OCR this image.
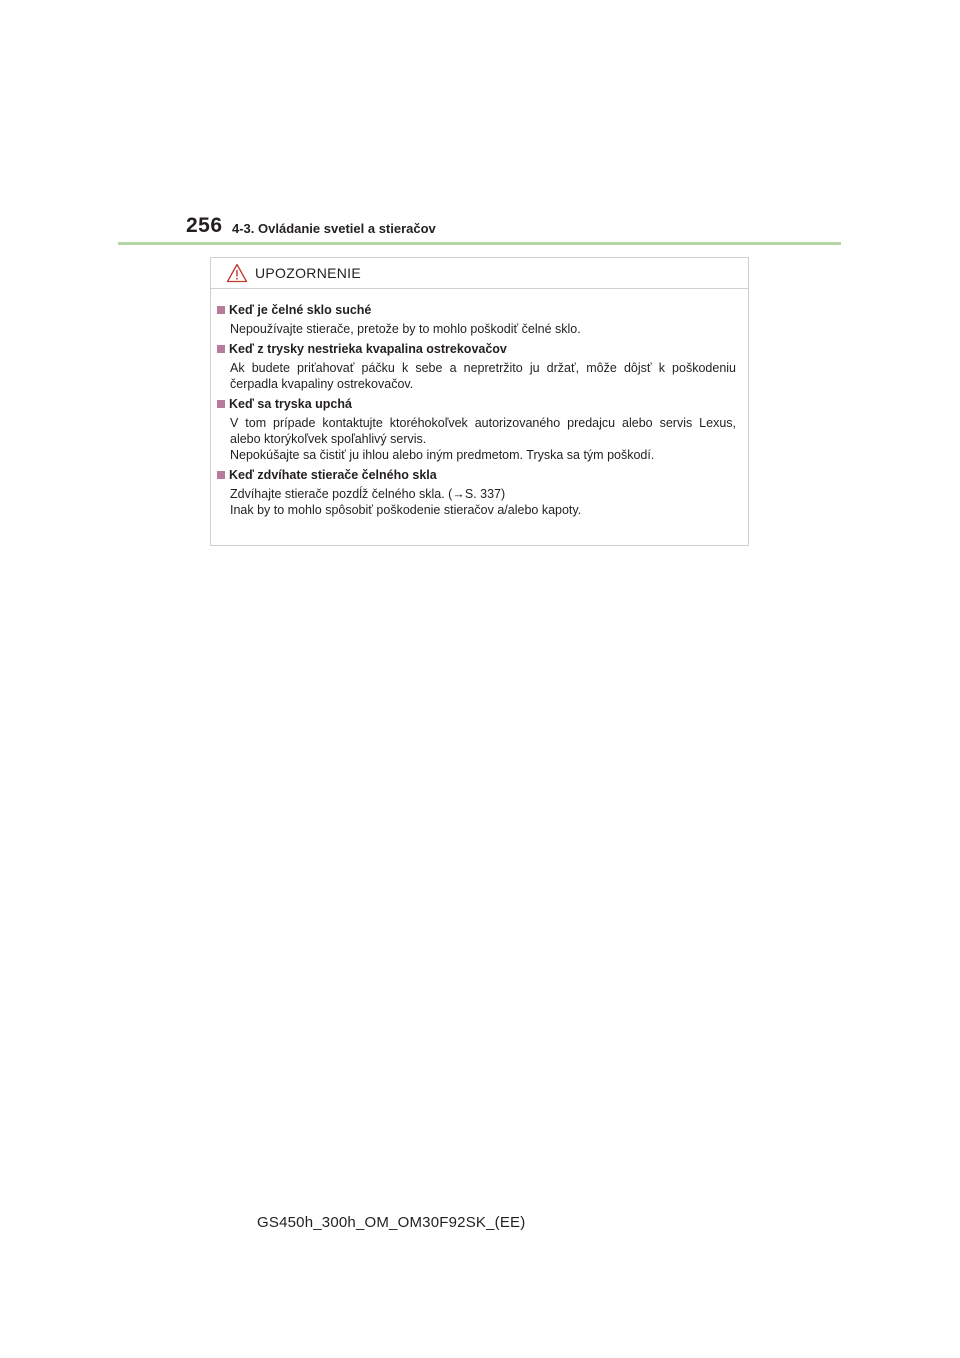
256 4-3. Ovládanie svetiel a stieračov
UPOZORNENIE
Keď je čelné sklo suché

Nepoužívajte stierače, pretože by to mohlo poškodiť čelné sklo.

Keď z trysky nestrieka kvapalina ostrekovačov

Ak budete priťahovať páčku k sebe a nepretržito ju držať, môže dôjsť k poškodeniu čerpadla kvapaliny ostrekovačov.

Keď sa tryska upchá

V tom prípade kontaktujte ktoréhokoľvek autorizovaného predajcu alebo servis Lexus, alebo ktorýkoľvek spoľahlivý servis.

Nepokúšajte sa čistiť ju ihlou alebo iným predmetom. Tryska sa tým poškodí.

Keď zdvíhate stierače čelného skla

Zdvíhajte stierače pozdĺž čelného skla. (→S. 337)

Inak by to mohlo spôsobiť poškodenie stieračov a/alebo kapoty.

GS450h_300h_OM_OM30F92SK_(EE)
